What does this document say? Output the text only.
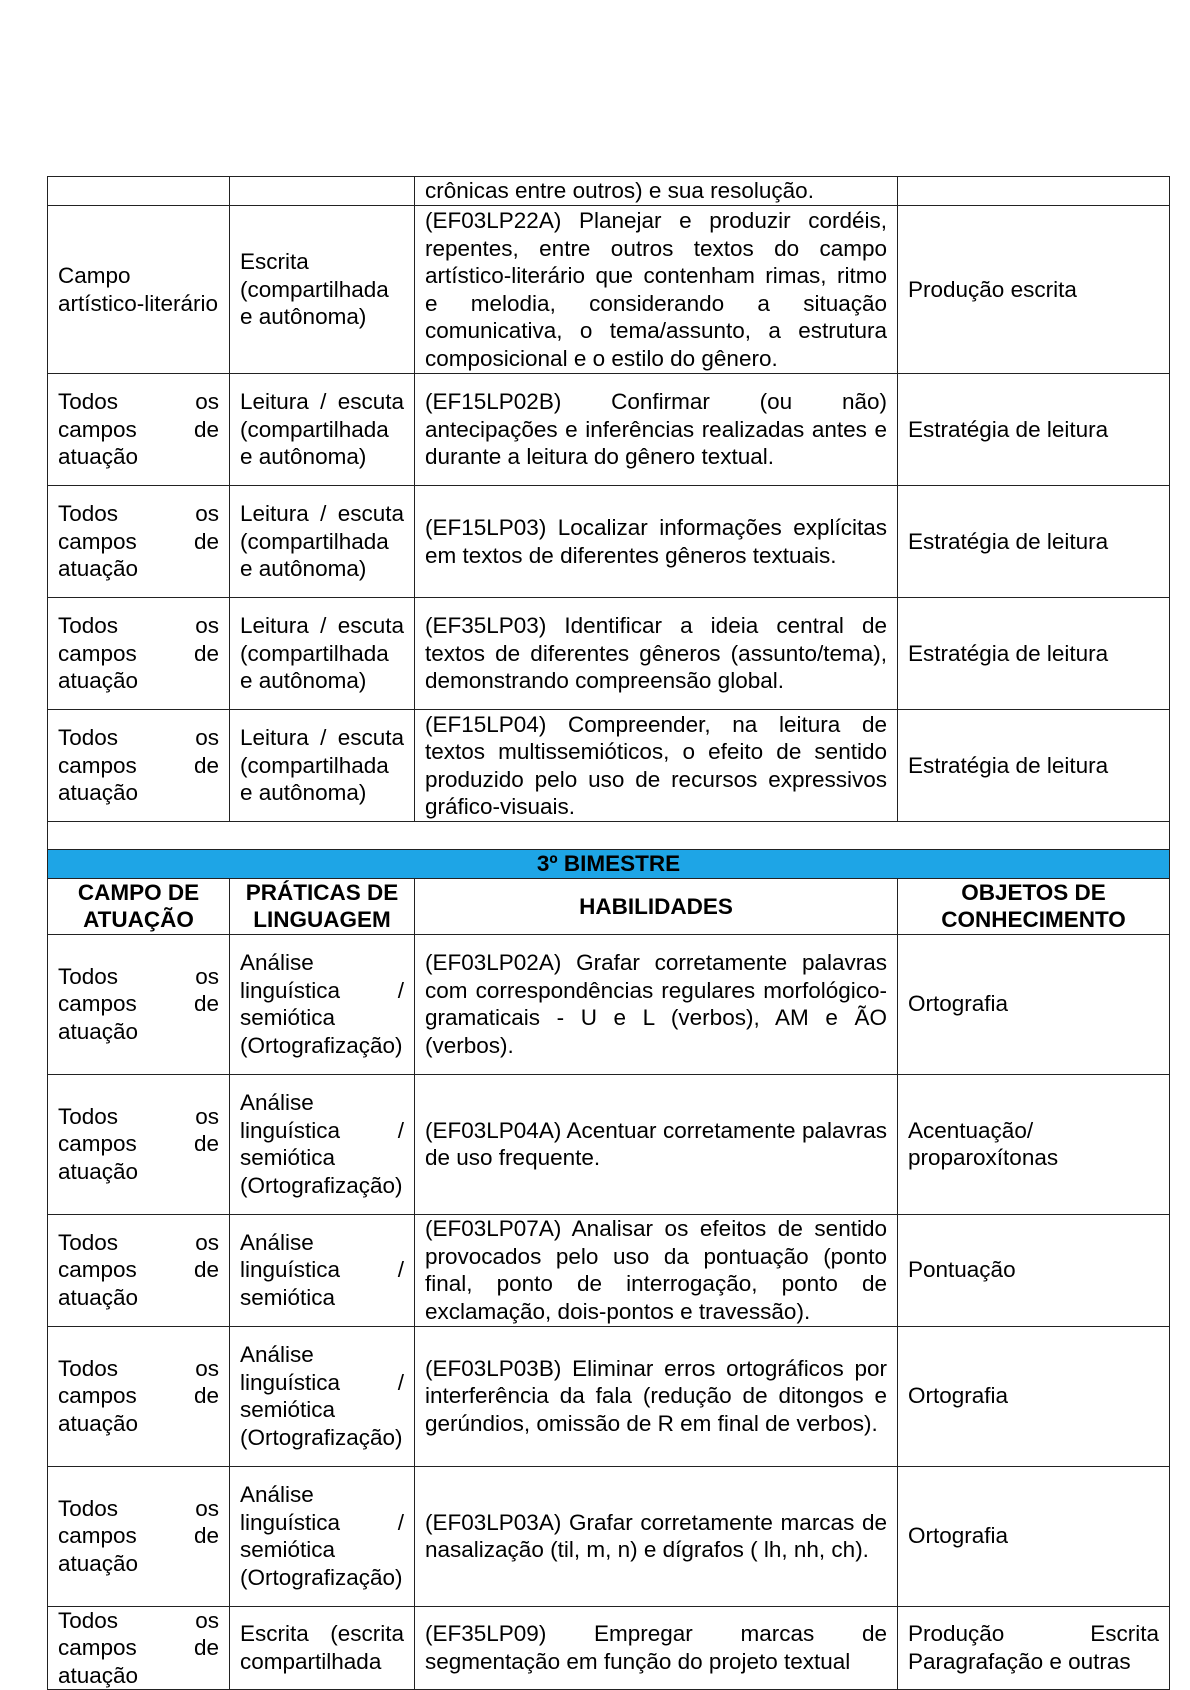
		crônicas entre outros) e sua resolução.	
Campo artístico-literário	Escrita (compartilhada e autônoma)	(EF03LP22A) Planejar e produzir cordéis, repentes, entre outros textos do campo artístico-literário que contenham rimas, ritmo e melodia, considerando a situação comunicativa, o tema/assunto, a estrutura composicional e o estilo do gênero.	Produção escrita
Todos os campos de atuação	Leitura / escuta (compartilhada e autônoma)	(EF15LP02B) Confirmar (ou não) antecipações e inferências realizadas antes e durante a leitura do gênero textual.	Estratégia de leitura
Todos os campos de atuação	Leitura / escuta (compartilhada e autônoma)	(EF15LP03) Localizar informações explícitas em textos de diferentes gêneros textuais.	Estratégia de leitura
Todos os campos de atuação	Leitura / escuta (compartilhada e autônoma)	(EF35LP03) Identificar a ideia central de textos de diferentes gêneros (assunto/tema), demonstrando compreensão global.	Estratégia de leitura
Todos os campos de atuação	Leitura / escuta (compartilhada e autônoma)	(EF15LP04) Compreender, na leitura de textos multissemióticos, o efeito de sentido produzido pelo uso de recursos expressivos gráfico-visuais.	Estratégia de leitura

3º BIMESTRE			
CAMPO DE ATUAÇÃO	PRÁTICAS DE LINGUAGEM	HABILIDADES	OBJETOS DE CONHECIMENTO
Todos os campos de atuação	Análise linguística / semiótica (Ortografização)	(EF03LP02A) Grafar corretamente palavras com correspondências regulares morfológico-gramaticais - U e L (verbos), AM e ÃO (verbos).	Ortografia
Todos os campos de atuação	Análise linguística / semiótica (Ortografização)	(EF03LP04A) Acentuar corretamente palavras de uso frequente.	Acentuação/ proparoxítonas
Todos os campos de atuação	Análise linguística / semiótica	(EF03LP07A) Analisar os efeitos de sentido provocados pelo uso da pontuação (ponto final, ponto de interrogação, ponto de exclamação, dois-pontos e travessão).	Pontuação
Todos os campos de atuação	Análise linguística / semiótica (Ortografização)	(EF03LP03B) Eliminar erros ortográficos por interferência da fala (redução de ditongos e gerúndios, omissão de R em final de verbos).	Ortografia
Todos os campos de atuação	Análise linguística / semiótica (Ortografização)	(EF03LP03A) Grafar corretamente marcas de nasalização (til, m, n) e dígrafos ( lh, nh, ch).	Ortografia
Todos os campos de atuação	Escrita (escrita compartilhada	(EF35LP09) Empregar marcas de segmentação em função do projeto textual	Produção Escrita Paragrafação e outras
